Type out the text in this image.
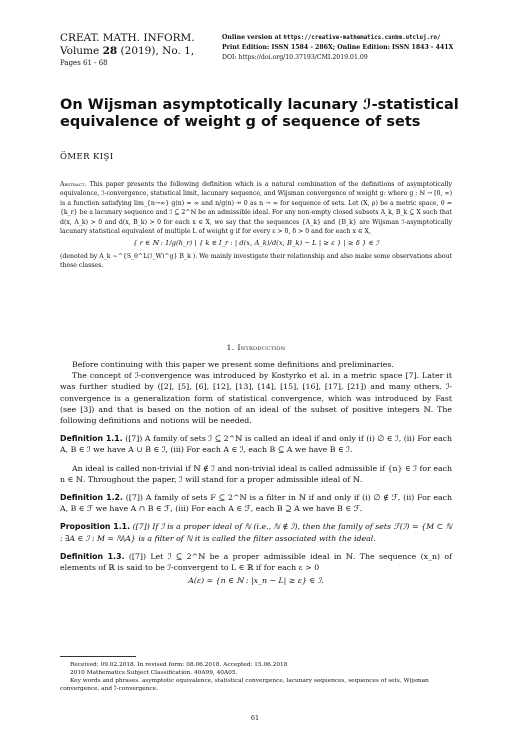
CREAT. MATH. INFORM.
Volume 28 (2019), No. 1,
Pages 61 - 68
Online version at https://creative-mathematics.cunbm.utcluj.ro/
Print Edition: ISSN 1584 - 286X; Online Edition: ISSN 1843 - 441X
DOI: https://doi.org/10.37193/CMI.2019.01.09
On Wijsman asymptotically lacunary ℐ-statistical equivalence of weight g of sequence of sets
ÖMER KIŞI
Abstract. This paper presents the following definition which is a natural combination of the definitions of asymptotically equivalence, ℐ-convergence, statistical limit, lacunary sequence, and Wijsman convergence of weight g: where g : ℕ → [0, ∞) is a function satisfying lim_{n→∞} g(n) = ∞ and n/g(n) ↛ 0 as n → ∞ for sequence of sets. Let (X, ρ) be a metric space, θ = {k_r} be a lacunary sequence and ℐ ⊆ 2^ℕ be an admissible ideal. For any non-empty closed subsets A_k, B_k ⊆ X such that d(x, A_k) > 0 and d(x, B_k) > 0 for each x ∈ X, we say that the sequences {A_k} and {B_k} are Wijsman ℐ-asymptotically lacunary statistical equivalent of multiple L of weight g if for every ε > 0, δ > 0 and for each x ∈ X,
{ r ∈ ℕ : 1/g(h_r) | { k ∈ I_r : | d(x, A_k)/d(x, B_k) − L | ≥ ε } | ≥ δ } ∈ ℐ
(denoted by A_k ~^{S_θ^L(ℐ_W)^g} B_k ). We mainly investigate their relationship and also make some observations about these classes.
1. Introduction

Before continuing with this paper we present some definitions and preliminaries.

The concept of ℐ-convergence was introduced by Kostyrko et al. in a metric space [7]. Later it was further studied by ([2], [5], [6], [12], [13], [14], [15], [16], [17], [21]) and many others. ℐ-convergence is a generalization form of statistical convergence, which was introduced by Fast (see [3]) and that is based on the notion of an ideal of the subset of positive integers ℕ. The following definitions and notions will be needed.

Definition 1.1. ([7]) A family of sets ℐ ⊆ 2^ℕ is called an ideal if and only if (i) ∅ ∈ ℐ, (ii) For each A, B ∈ ℐ we have A ∪ B ∈ ℐ, (iii) For each A ∈ ℐ, each B ⊆ A we have B ∈ ℐ.

An ideal is called non-trivial if ℕ ∉ ℐ and non-trivial ideal is called admissible if {n} ∈ ℐ for each n ∈ ℕ. Throughout the paper, ℐ will stand for a proper admissible ideal of ℕ.

Definition 1.2. ([7]) A family of sets F ⊆ 2^ℕ is a filter in ℕ if and only if (i) ∅ ∉ ℱ, (ii) For each A, B ∈ ℱ we have A ∩ B ∈ ℱ, (iii) For each A ∈ ℱ, each B ⊇ A we have B ∈ ℱ.

Proposition 1.1. ([7]) If ℐ is a proper ideal of ℕ (i.e., ℕ ∉ ℐ), then the family of sets ℱ(ℐ) = {M ⊂ ℕ : ∃A ∈ ℐ : M = ℕ\A} is a filter of ℕ it is called the filter associated with the ideal.

Definition 1.3. ([7]) Let ℐ ⊆ 2^ℕ be a proper admissible ideal in ℕ. The sequence (x_n) of elements of ℝ is said to be ℐ-convergent to L ∈ ℝ if for each ε > 0

A(ε) = {n ∈ ℕ : |x_n − L| ≥ ε} ∈ ℐ.

Received: 09.02.2018. In revised form: 08.06.2018. Accepted: 15.06.2018

2010 Mathematics Subject Classification. 40A99, 40A05.

Key words and phrases. asymptotic equivalence, statistical convergence, lacunary sequences, sequences of sets, Wijsman convergence, and ℐ-convergence.

61
